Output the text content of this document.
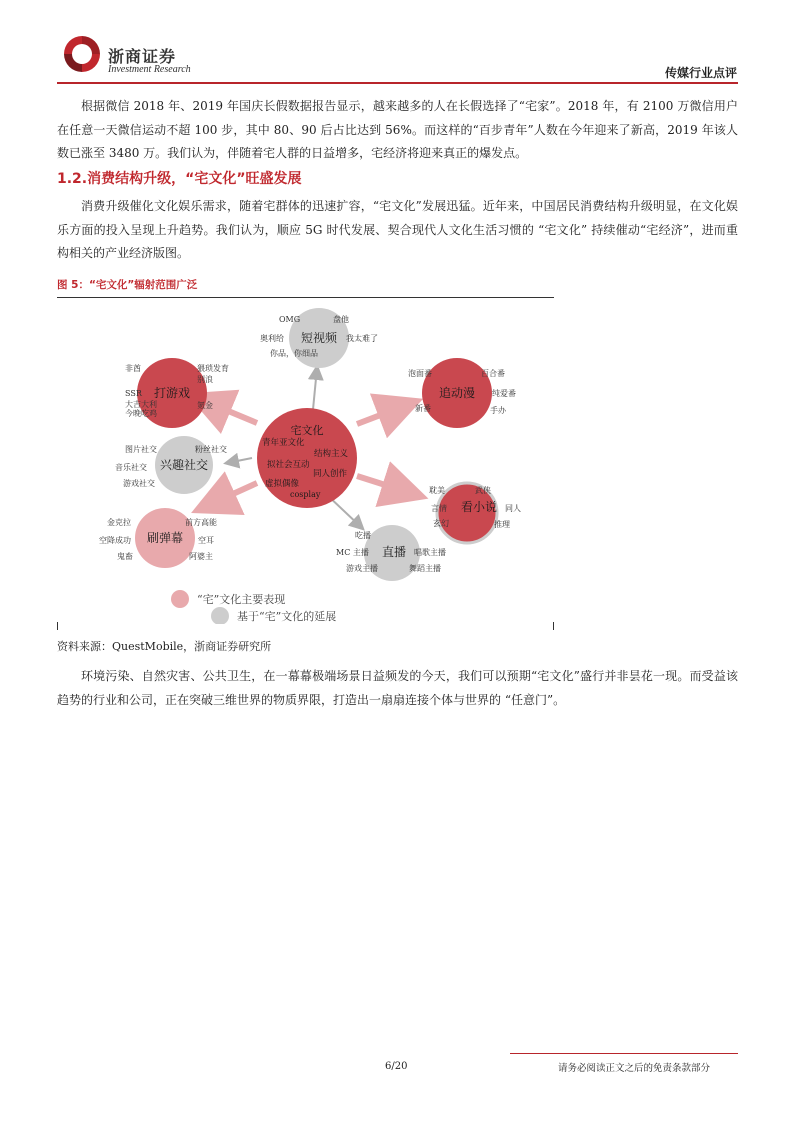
浙商证券
Investment Research	传媒行业点评

根据微信 2018 年、2019 年国庆长假数据报告显示，越来越多的人在长假选择了“宅家”。2018 年，有 2100 万微信用户在任意一天微信运动不超 100 步，其中 80、90 后占比达到 56%。而这样的“百步青年”人数在今年迎来了新高，2019 年该人数已涨至 3480 万。我们认为，伴随着宅人群的日益增多，宅经济将迎来真正的爆发点。

1.2.消费结构升级，“宅文化”旺盛发展

消费升级催化文化娱乐需求，随着宅群体的迅速扩容，“宅文化”发展迅猛。近年来，中国居民消费结构升级明显，在文化娱乐方面的投入呈现上升趋势。我们认为，顺应 5G 时代发展、契合现代人文化生活习惯的 “宅文化” 持续催动“宅经济”，进而重构相关的产业经济版图。

图 5：“宅文化”辐射范围广泛
宅文化
青年亚文化
结构主义
拟社会互动
同人创作
虚拟偶像
cosplay
短视频
OMG	盘他
奥利给	我太难了
你品，你细品
打游戏
非酋	猥琐发育
别浪
SSR
大吉大利
今晚吃鸡
氪金
追动漫
泡面番	百合番
纯爱番
新番	手办
兴趣社交
图片社交	粉丝社交
音乐社交
游戏社交
看小说
耽美	武侠
言情	同人
玄幻	推理
刷弹幕
金克拉	前方高能
空降成功	空耳
鬼畜	阿婆主	直播
吃播
MC 主播	唱歌主播
游戏主播	舞蹈主播
“宅”文化主要表现
基于“宅”文化的延展
资料来源：QuestMobile，浙商证券研究所

环境污染、自然灾害、公共卫生，在一幕幕极端场景日益频发的今天，我们可以预期“宅文化”盛行并非昙花一现。而受益该趋势的行业和公司，正在突破三维世界的物质界限，打造出一扇扇连接个体与世界的 “任意门”。

6/20	请务必阅读正文之后的免责条款部分
